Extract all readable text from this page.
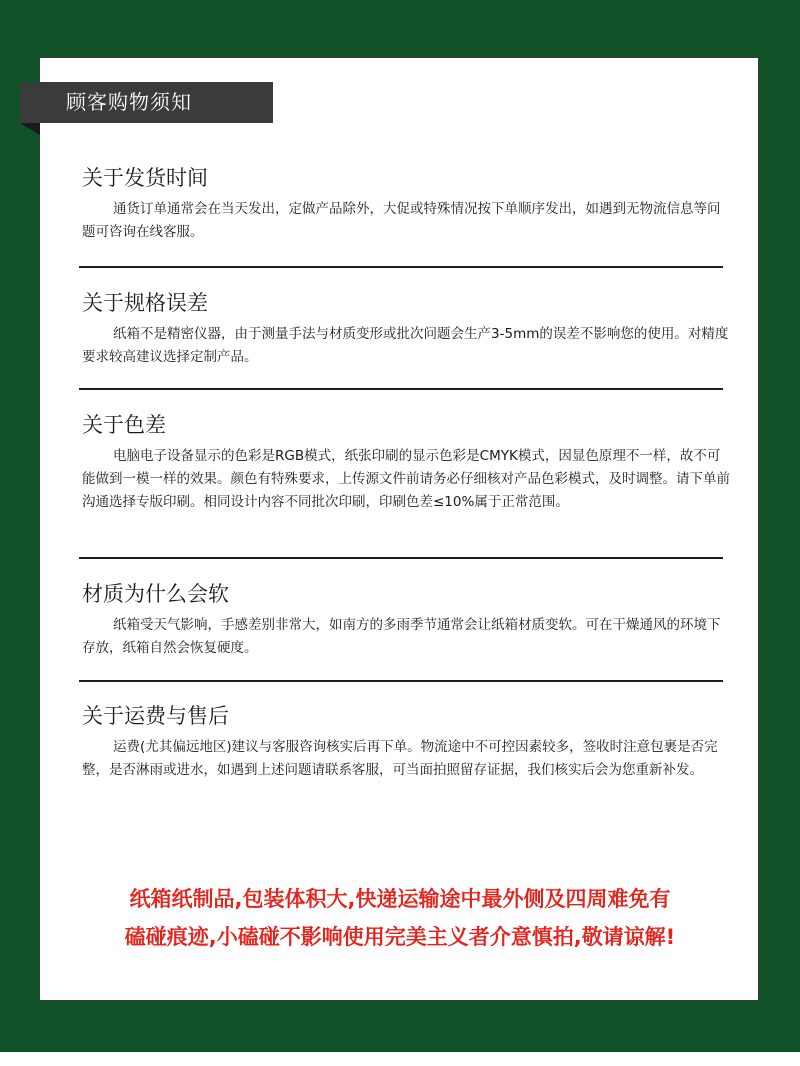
顾客购物须知
关于发货时间

通货订单通常会在当天发出，定做产品除外，大促或特殊情况按下单顺序发出，如遇到无物流信息等问题可咨询在线客服。

关于规格误差

纸箱不是精密仪器，由于测量手法与材质变形或批次问题会生产3-5mm的误差不影响您的使用。对精度要求较高建议选择定制产品。

关于色差

电脑电子设备显示的色彩是RGB模式，纸张印刷的显示色彩是CMYK模式，因显色原理不一样，故不可能做到一模一样的效果。颜色有特殊要求，上传源文件前请务必仔细核对产品色彩模式，及时调整。请下单前沟通选择专版印刷。相同设计内容不同批次印刷，印刷色差≤10%属于正常范围。

材质为什么会软

纸箱受天气影响，手感差别非常大，如南方的多雨季节通常会让纸箱材质变软。可在干燥通风的环境下存放，纸箱自然会恢复硬度。

关于运费与售后

运费(尤其偏远地区)建议与客服咨询核实后再下单。物流途中不可控因素较多，签收时注意包裹是否完整，是否淋雨或进水，如遇到上述问题请联系客服，可当面拍照留存证据，我们核实后会为您重新补发。

纸箱纸制品,包装体积大,快递运输途中最外侧及四周难免有
磕碰痕迹,小磕碰不影响使用完美主义者介意慎拍,敬请谅解!
